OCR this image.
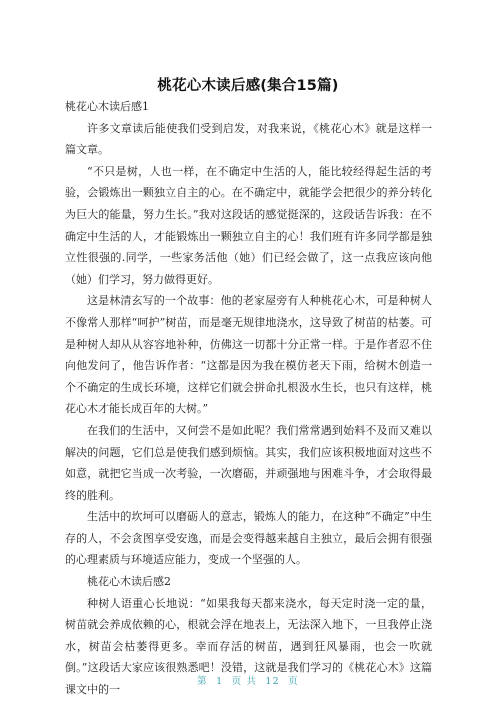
桃花心木读后感(集合15篇)

桃花心木读后感1

许多文章读后能使我们受到启发，对我来说，《桃花心木》就是这样一篇文章。

“不只是树，人也一样，在不确定中生活的人，能比较经得起生活的考验，会锻炼出一颗独立自主的心。在不确定中，就能学会把很少的养分转化为巨大的能量，努力生长。”我对这段话的感觉挺深的，这段话告诉我：在不确定中生活的人，才能锻炼出一颗独立自主的心！我们班有许多同学都是独立性很强的.同学，一些家务活他（她）们已经会做了，这一点我应该向他（她）们学习，努力做得更好。

这是林清玄写的一个故事：他的老家屋旁有人种桃花心木，可是种树人不像常人那样“呵护”树苗，而是毫无规律地浇水，这导致了树苗的枯萎。可是种树人却从从容容地补种，仿佛这一切都十分正常一样。于是作者忍不住向他发问了，他告诉作者：“这都是因为我在模仿老天下雨，给树木创造一个不确定的生成长环境，这样它们就会拼命扎根汲水生长，也只有这样，桃花心木才能长成百年的大树。”

在我们的生活中，又何尝不是如此呢？我们常常遇到始料不及而又难以解决的问题，它们总是使我们感到烦恼。其实，我们应该积极地面对这些不如意，就把它当成一次考验，一次磨砺，并顽强地与困难斗争，才会取得最终的胜利。

生活中的坎坷可以磨砺人的意志，锻炼人的能力，在这种“不确定”中生存的人，不会贪图享受安逸，而是会变得越来越自主独立，最后会拥有很强的心理素质与环境适应能力，变成一个坚强的人。

桃花心木读后感2

种树人语重心长地说：“如果我每天都来浇水，每天定时浇一定的量，树苗就会养成依赖的心，根就会浮在地表上，无法深入地下，一旦我停止浇水，树苗会枯萎得更多。幸而存活的树苗，遇到狂风暴雨，也会一吹就倒。”这段话大家应该很熟悉吧！没错，这就是我们学习的《桃花心木》这篇课文中的一

第 1 页 共 12 页
